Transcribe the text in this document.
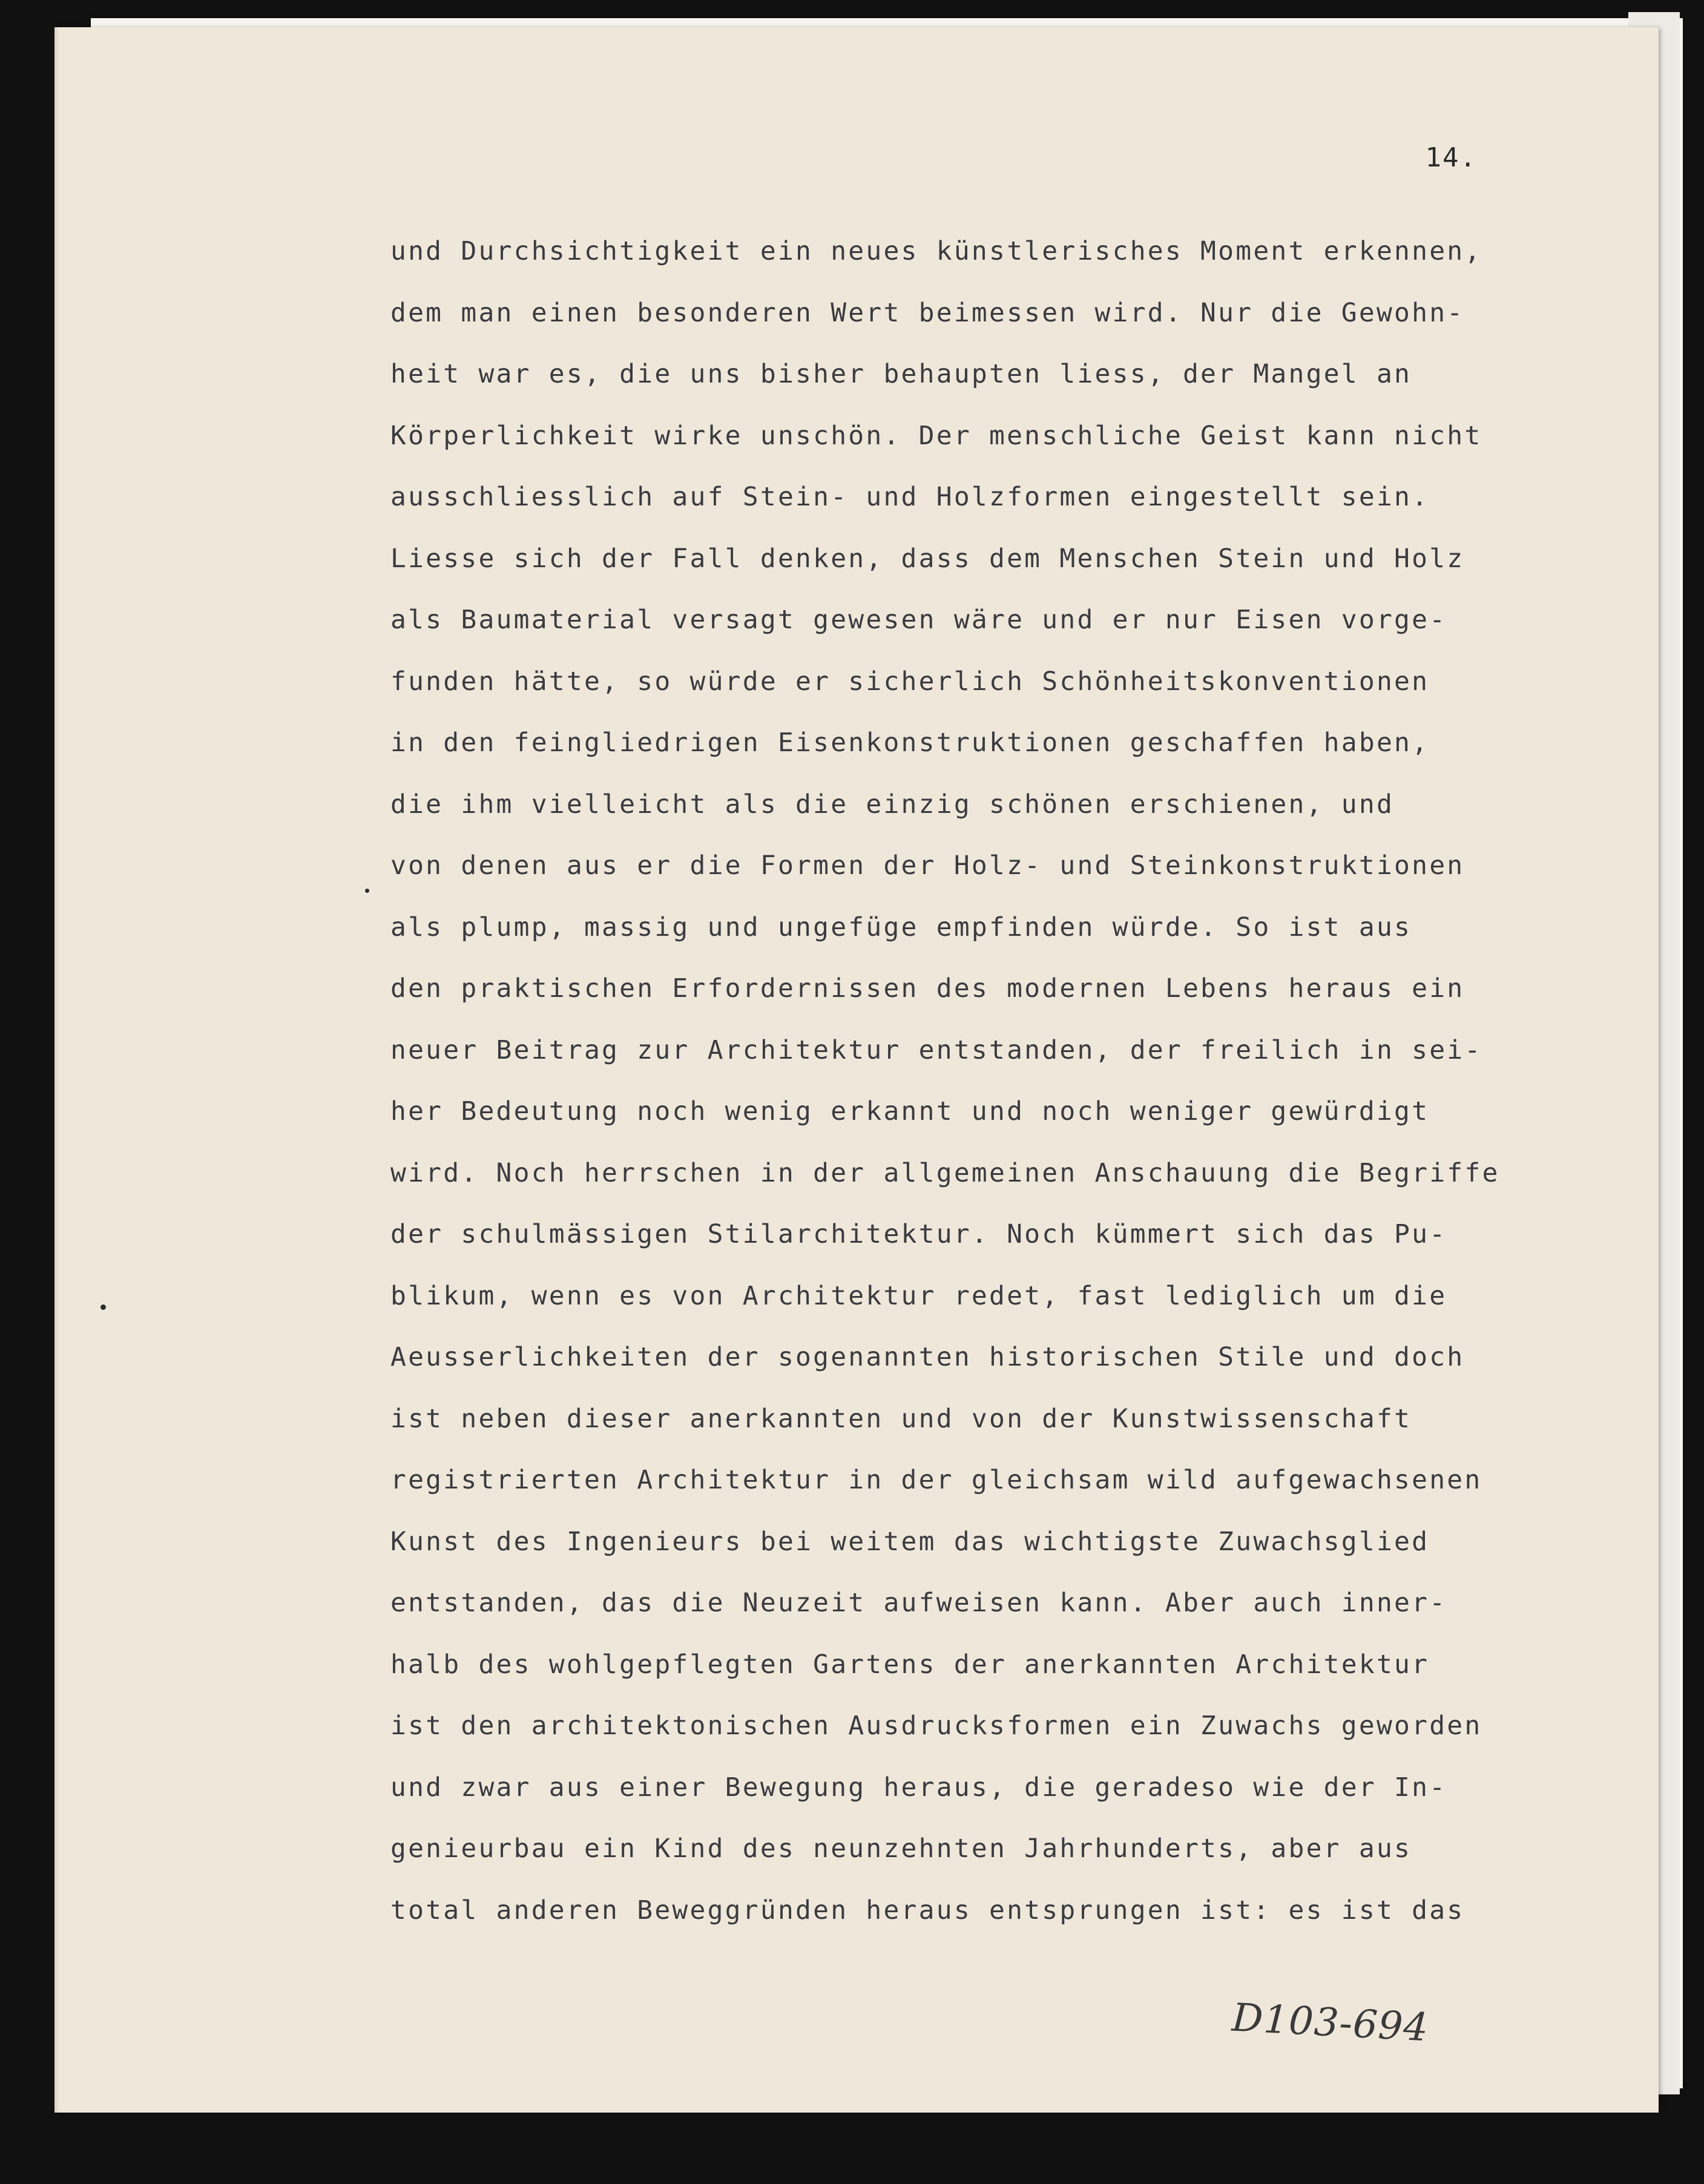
14.
und Durchsichtigkeit ein neues künstlerisches Moment erkennen,
dem man einen besonderen Wert beimessen wird. Nur die Gewohn-
heit war es, die uns bisher behaupten liess, der Mangel an
Körperlichkeit wirke unschön. Der menschliche Geist kann nicht
ausschliesslich auf Stein- und Holzformen eingestellt sein.
Liesse sich der Fall denken, dass dem Menschen Stein und Holz
als Baumaterial versagt gewesen wäre und er nur Eisen vorge-
funden hätte, so würde er sicherlich Schönheitskonventionen
in den feingliedrigen Eisenkonstruktionen geschaffen haben,
die ihm vielleicht als die einzig schönen erschienen, und
von denen aus er die Formen der Holz- und Steinkonstruktionen
als plump, massig und ungefüge empfinden würde. So ist aus
den praktischen Erfordernissen des modernen Lebens heraus ein
neuer Beitrag zur Architektur entstanden, der freilich in sei-
her Bedeutung noch wenig erkannt und noch weniger gewürdigt
wird. Noch herrschen in der allgemeinen Anschauung die Begriffe
der schulmässigen Stilarchitektur. Noch kümmert sich das Pu-
blikum, wenn es von Architektur redet, fast lediglich um die
Aeusserlichkeiten der sogenannten historischen Stile und doch
ist neben dieser anerkannten und von der Kunstwissenschaft
registrierten Architektur in der gleichsam wild aufgewachsenen
Kunst des Ingenieurs bei weitem das wichtigste Zuwachsglied
entstanden, das die Neuzeit aufweisen kann. Aber auch inner-
halb des wohlgepflegten Gartens der anerkannten Architektur
ist den architektonischen Ausdrucksformen ein Zuwachs geworden
und zwar aus einer Bewegung heraus, die geradeso wie der In-
genieurbau ein Kind des neunzehnten Jahrhunderts, aber aus
total anderen Beweggründen heraus entsprungen ist: es ist das
D103-694
